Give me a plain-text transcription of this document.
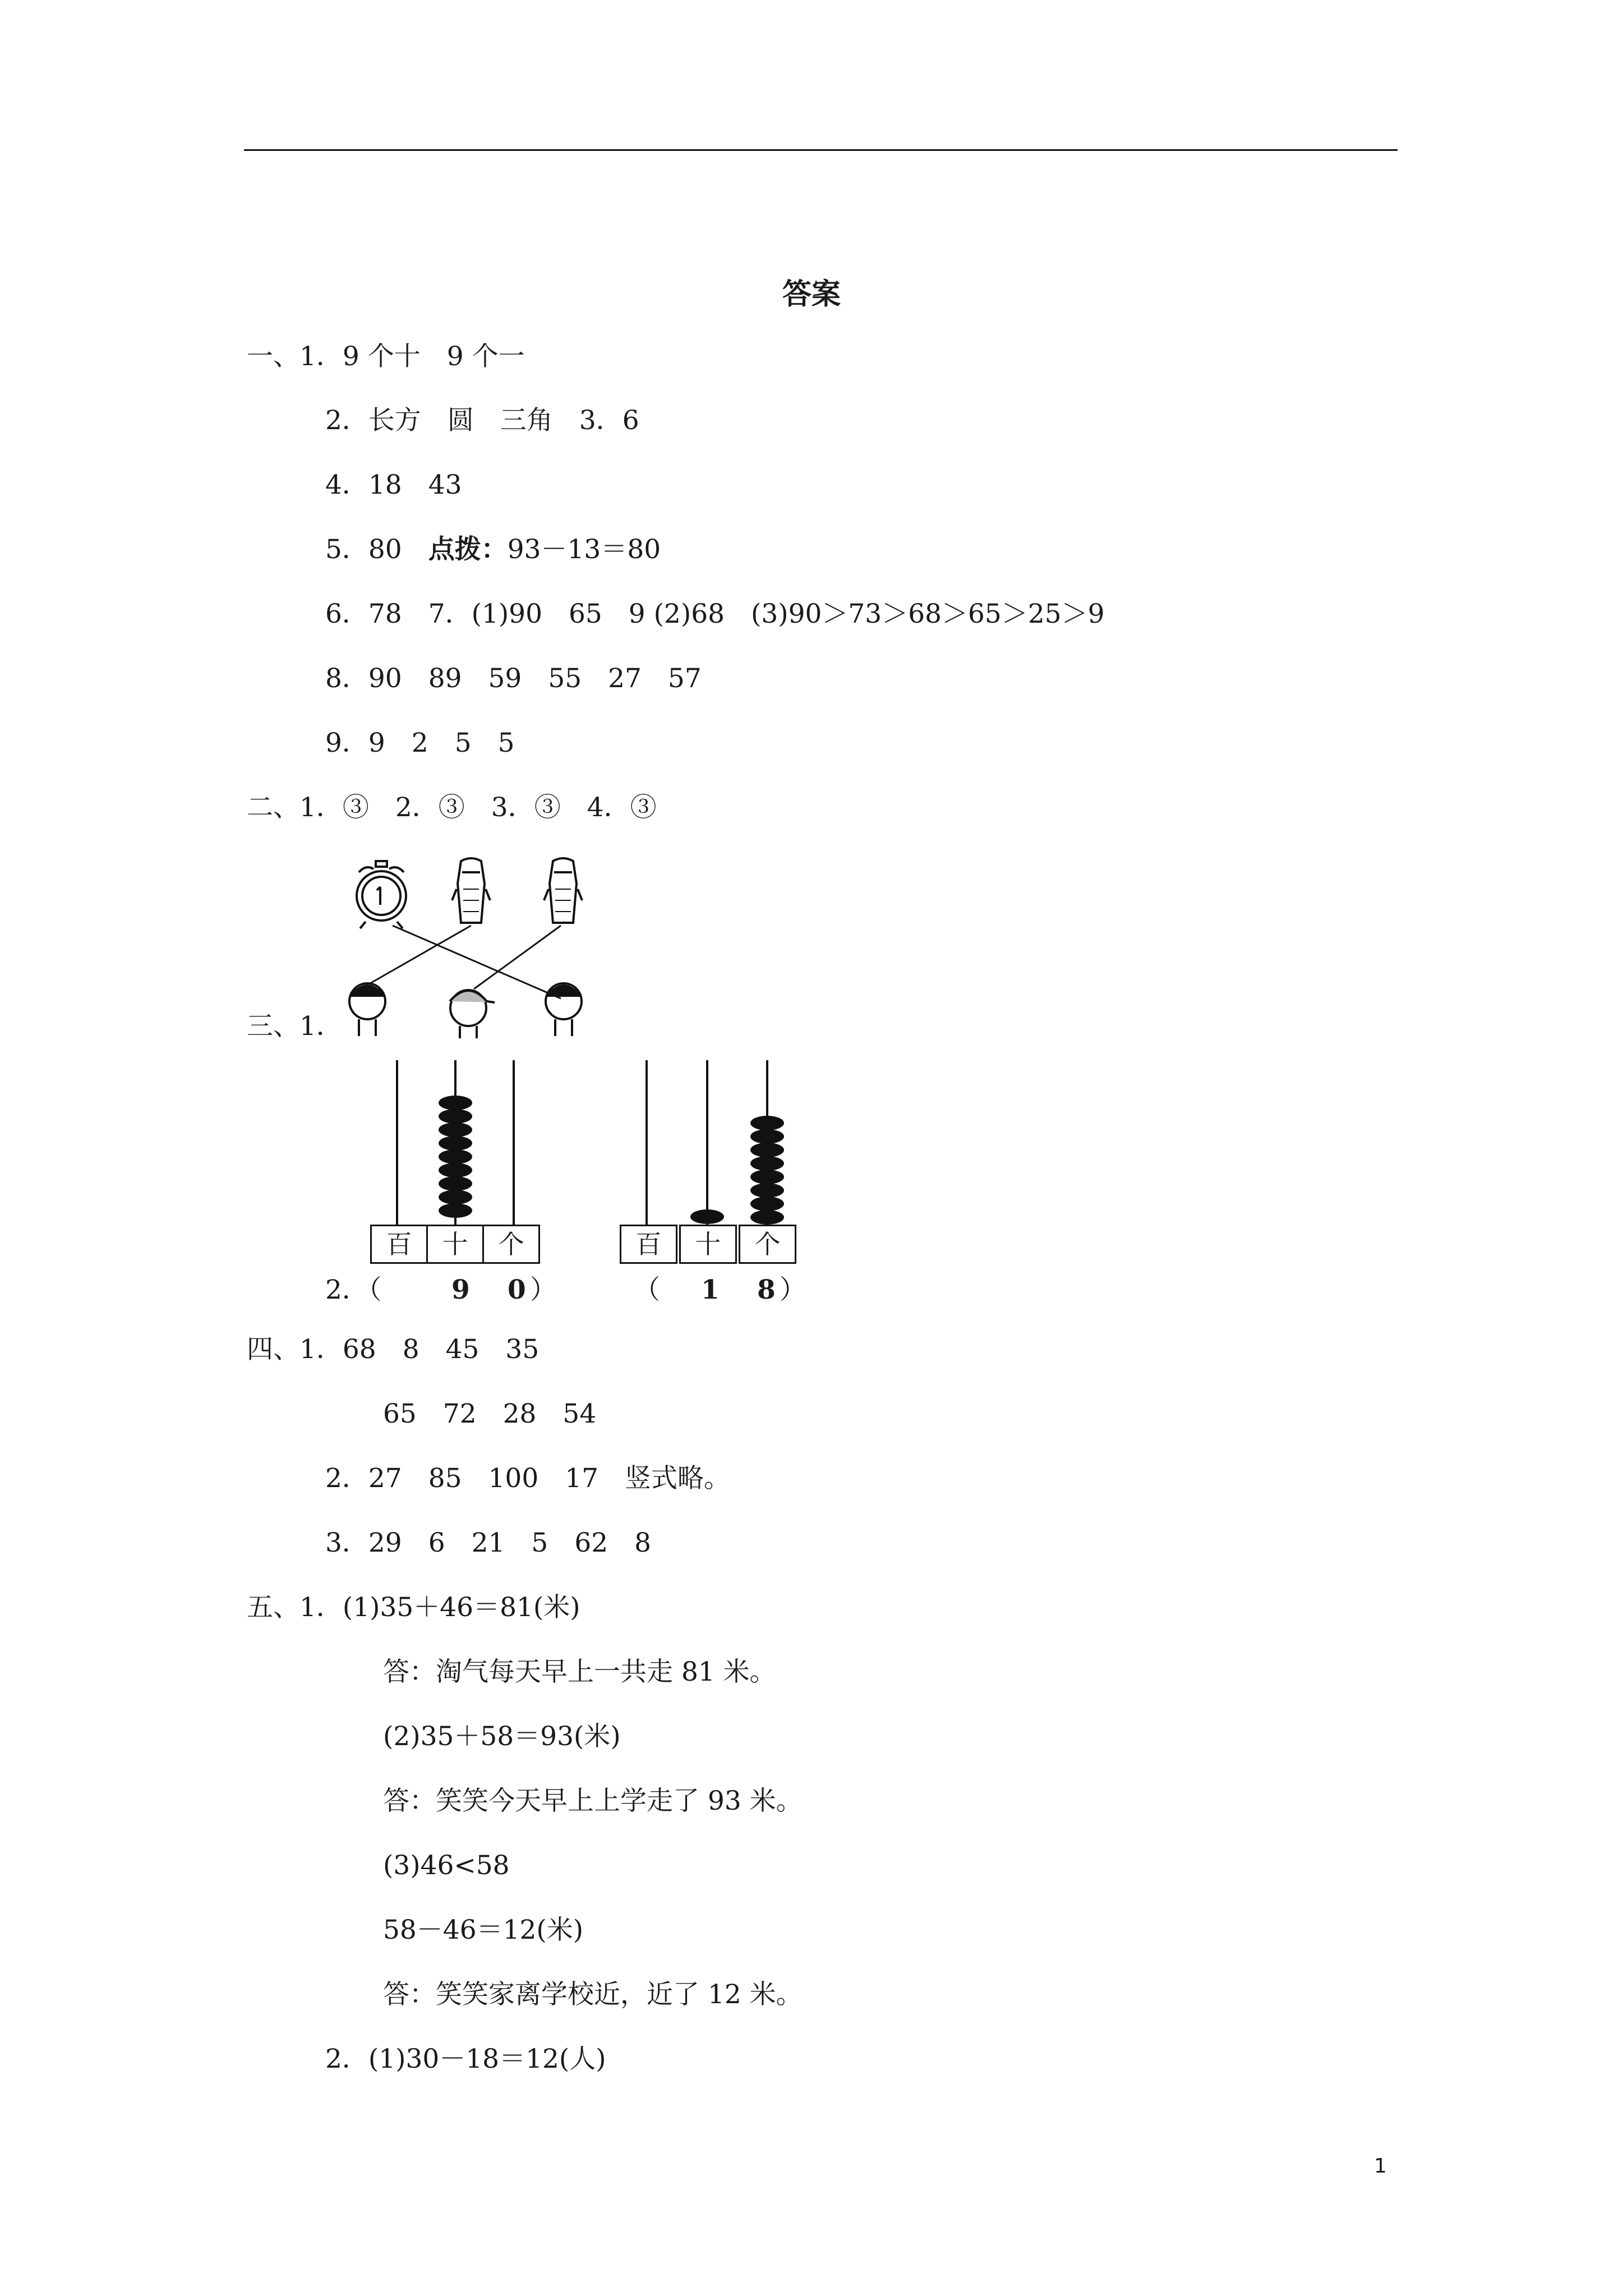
答案
一、1．9 个十　9 个一
2．长方　圆　三角　3．6
4．18　43
5．80　点拨：93－13＝80
6．78　7．(1)90　65　9 (2)68　(3)90＞73＞68＞65＞25＞9
8．90　89　59　55　27　57
9．9　2　5　5
二、1．③　2．③　3．③　4．③
三、1．
百	十	个	百	十	个
2．（	9 0 ）	（ 1 8 ）
四、1．68　8　45　35
65　72　28　54
2．27　85　100　17　竖式略。
3．29　6　21　5　62　8
五、1．(1)35＋46＝81(米)
答：淘气每天早上一共走 81 米。
(2)35＋58＝93(米)
答：笑笑今天早上上学走了 93 米。
(3)46<58
58－46＝12(米)
答：笑笑家离学校近，近了 12 米。
2．(1)30－18＝12(人)
1
